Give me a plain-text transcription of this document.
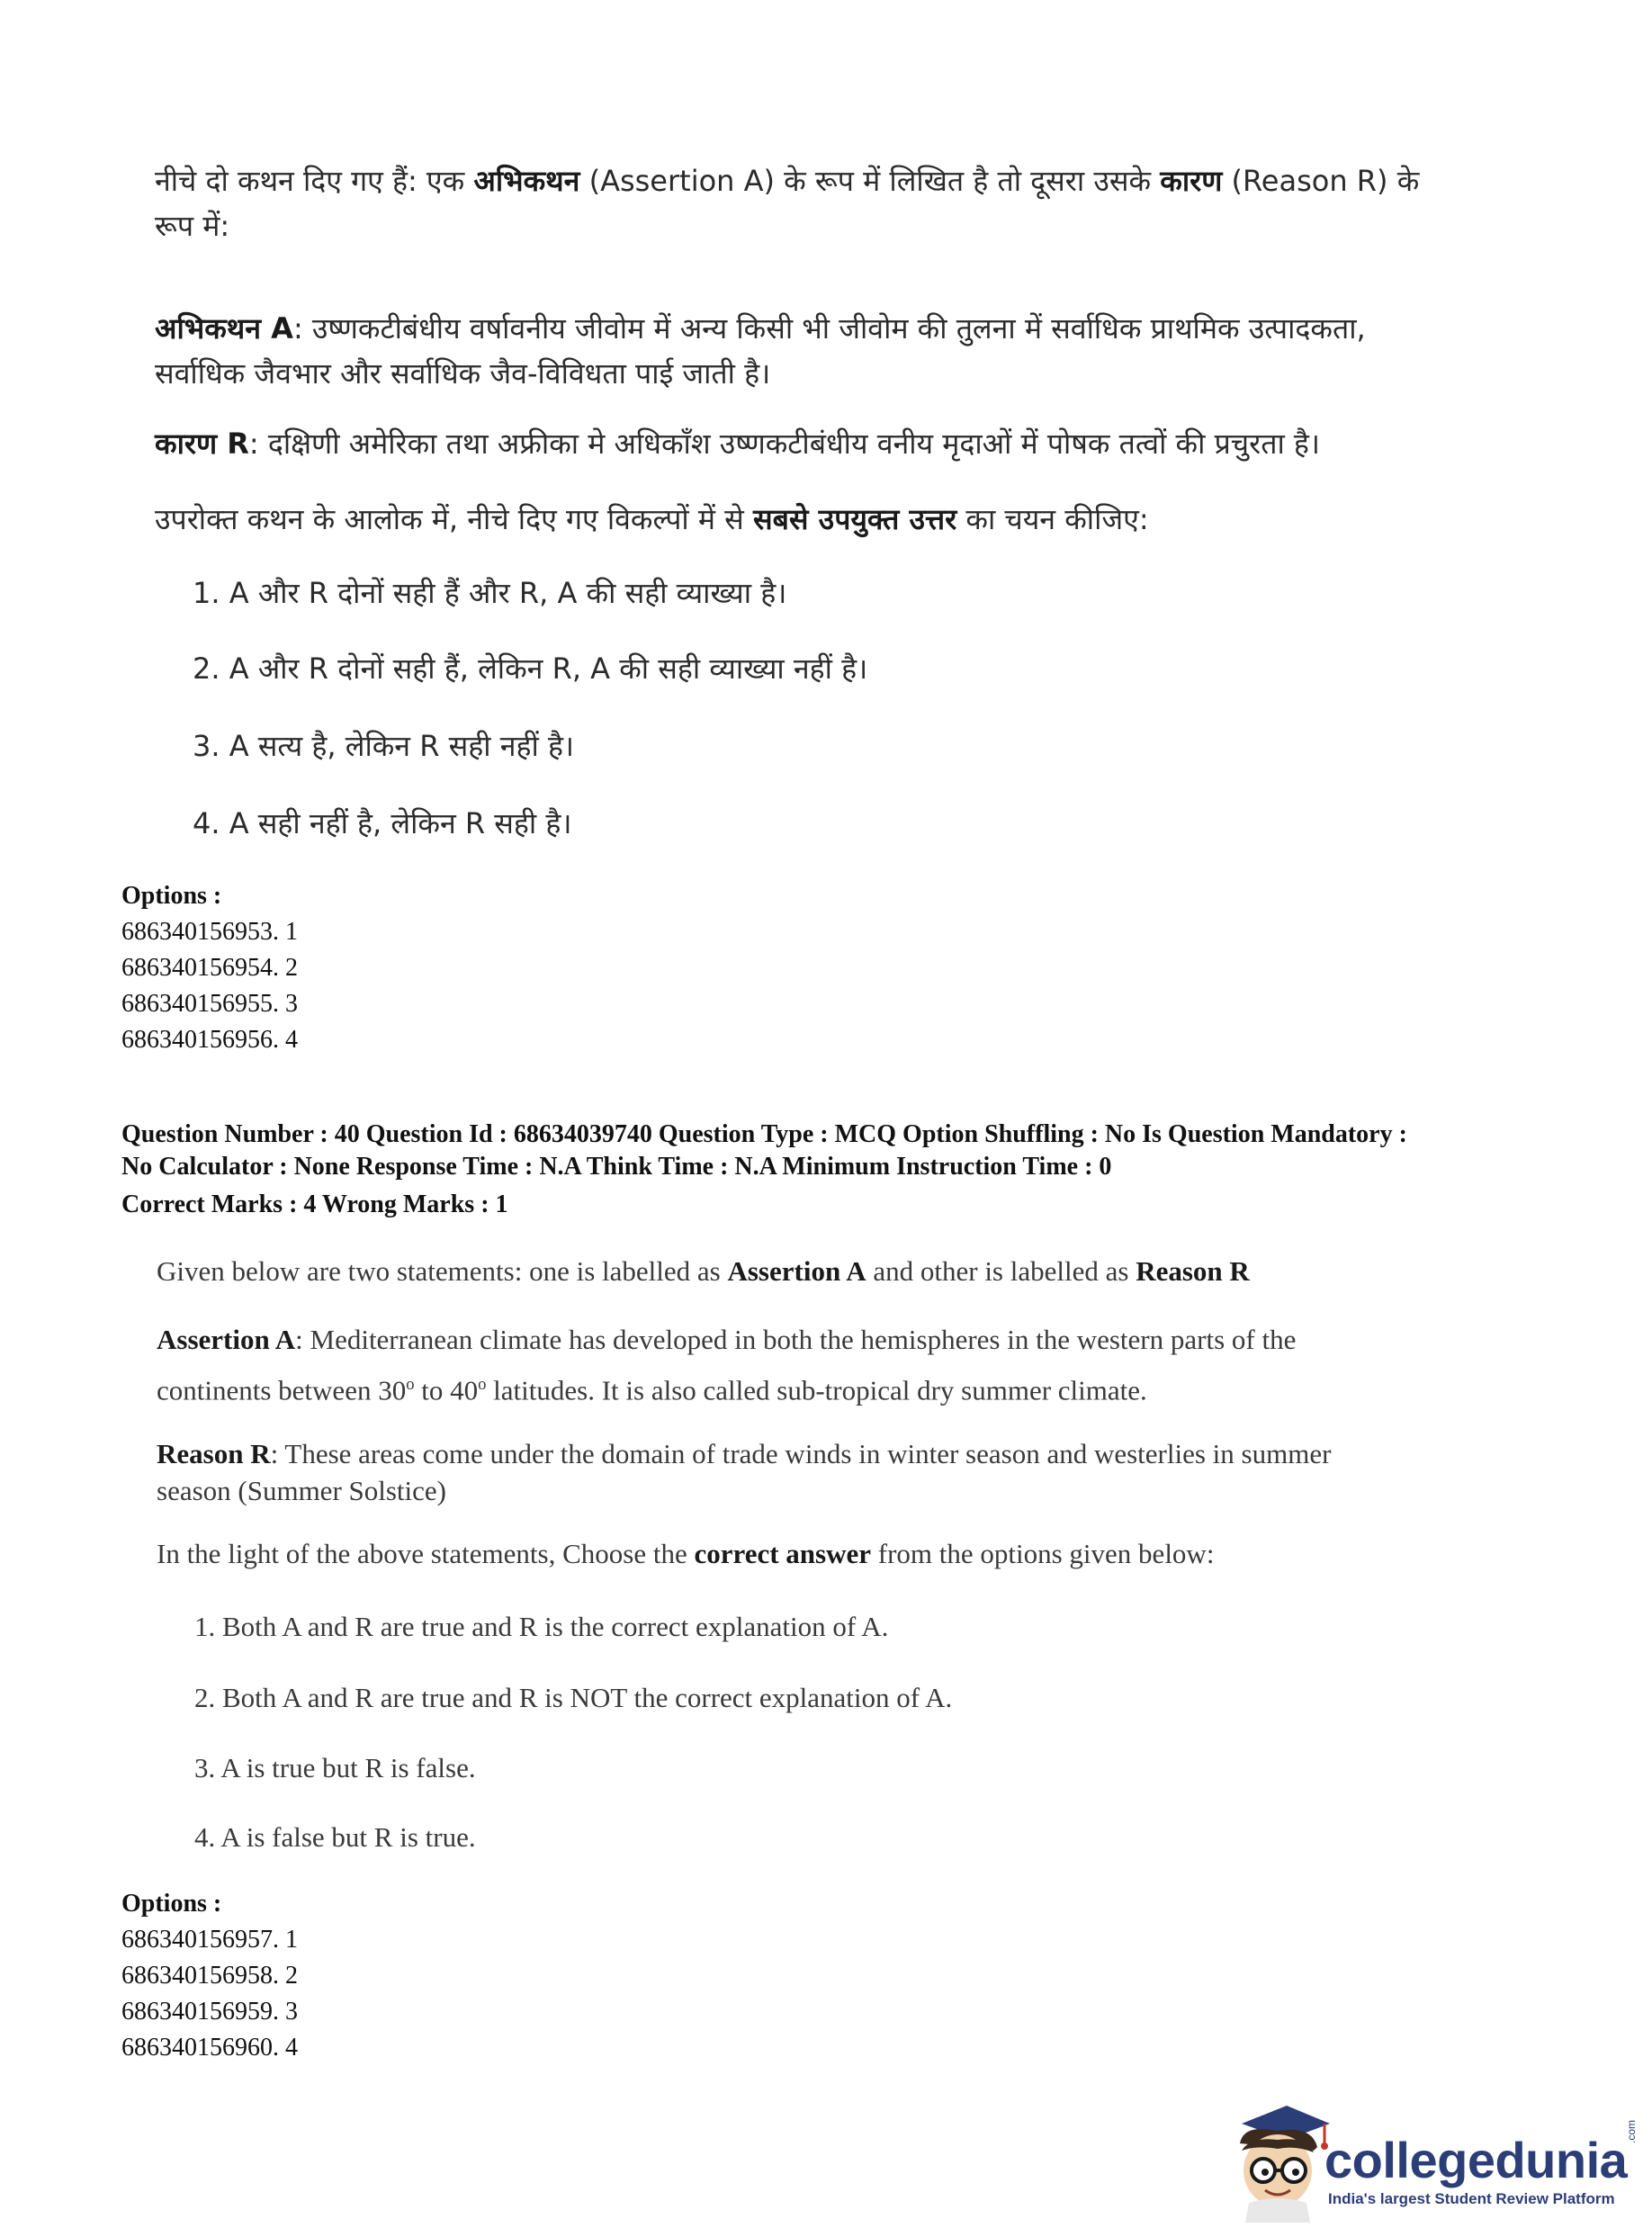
नीचे दो कथन दिए गए हैं: एक अभिकथन (Assertion A) के रूप में लिखित है तो दूसरा उसके कारण (Reason R) के
रूप में:
अभिकथन A: उष्णकटीबंधीय वर्षावनीय जीवोम में अन्य किसी भी जीवोम की तुलना में सर्वाधिक प्राथमिक उत्पादकता,
सर्वाधिक जैवभार और सर्वाधिक जैव-विविधता पाई जाती है।
कारण R: दक्षिणी अमेरिका तथा अफ्रीका मे अधिकाँश उष्णकटीबंधीय वनीय मृदाओं में पोषक तत्वों की प्रचुरता है।
उपरोक्त कथन के आलोक में, नीचे दिए गए विकल्पों में से सबसे उपयुक्त उत्तर का चयन कीजिए:
1. A और R दोनों सही हैं और R, A की सही व्याख्या है।
2. A और R दोनों सही हैं, लेकिन R, A की सही व्याख्या नहीं है।
3. A सत्य है, लेकिन R सही नहीं है।
4. A सही नहीं है, लेकिन R सही है।
Options :
686340156953. 1
686340156954. 2
686340156955. 3
686340156956. 4
Question Number : 40 Question Id : 68634039740 Question Type : MCQ Option Shuffling : No Is Question Mandatory :
No Calculator : None Response Time : N.A Think Time : N.A Minimum Instruction Time : 0
Correct Marks : 4 Wrong Marks : 1
Given below are two statements: one is labelled as Assertion A and other is labelled as Reason R
Assertion A: Mediterranean climate has developed in both the hemispheres in the western parts of the
continents between 30$^o$ to 40$^o$ latitudes. It is also called sub-tropical dry summer climate.
Reason R: These areas come under the domain of trade winds in winter season and westerlies in summer
season (Summer Solstice)
In the light of the above statements, Choose the correct answer from the options given below:
1. Both A and R are true and R is the correct explanation of A.
2. Both A and R are true and R is NOT the correct explanation of A.
3. A is true but R is false.
4. A is false but R is true.
Options :
686340156957. 1
686340156958. 2
686340156959. 3
686340156960. 4
collegedunia
India's largest Student Review Platform
.com
